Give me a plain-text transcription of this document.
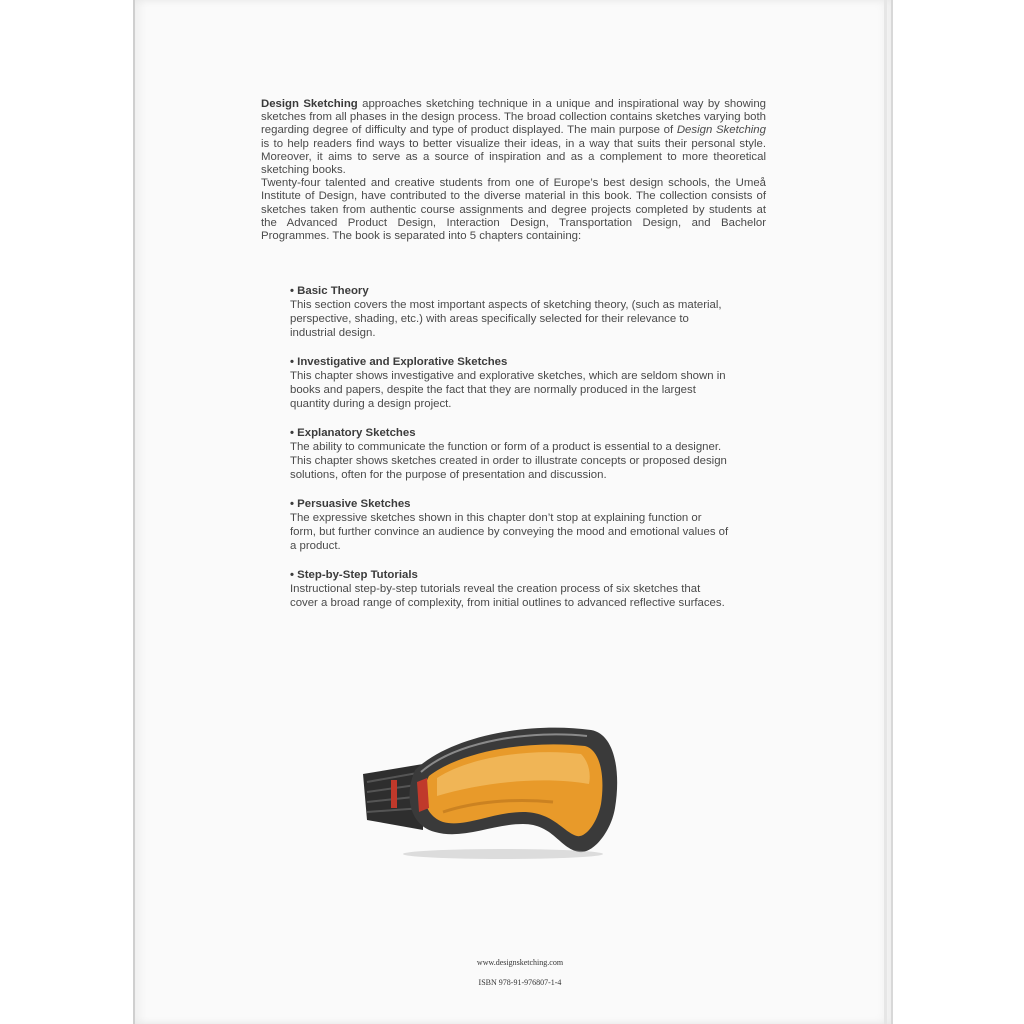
Design Sketching approaches sketching technique in a unique and inspirational way by showing sketches from all phases in the design process. The broad collection contains sketches varying both regarding degree of difficulty and type of product displayed. The main purpose of Design Sketching is to help readers find ways to better visualize their ideas, in a way that suits their personal style. Moreover, it aims to serve as a source of inspiration and as a complement to more theoretical sketching books.

Twenty-four talented and creative students from one of Europe’s best design schools, the Umeå Institute of Design, have contributed to the diverse material in this book. The collection consists of sketches taken from authentic course assignments and degree projects completed by students at the Advanced Product Design, Interaction Design, Transportation Design, and Bachelor Programmes. The book is separated into 5 chapters containing:

• Basic Theory

This section covers the most important aspects of sketching theory, (such as material, perspective, shading, etc.) with areas specifically selected for their relevance to industrial design.

• Investigative and Explorative Sketches

This chapter shows investigative and explorative sketches, which are seldom shown in books and papers, despite the fact that they are normally produced in the largest quantity during a design project.

• Explanatory Sketches

The ability to communicate the function or form of a product is essential to a designer. This chapter shows sketches created in order to illustrate concepts or proposed design solutions, often for the purpose of presentation and discussion.

• Persuasive Sketches

The expressive sketches shown in this chapter don’t stop at explaining function or form, but further convince an audience by conveying the mood and emotional values of a product.

• Step-by-Step Tutorials

Instructional step-by-step tutorials reveal the creation process of six sketches that cover a broad range of complexity, from initial outlines to advanced reflective surfaces.

www.designsketching.com
ISBN 978-91-976807-1-4
